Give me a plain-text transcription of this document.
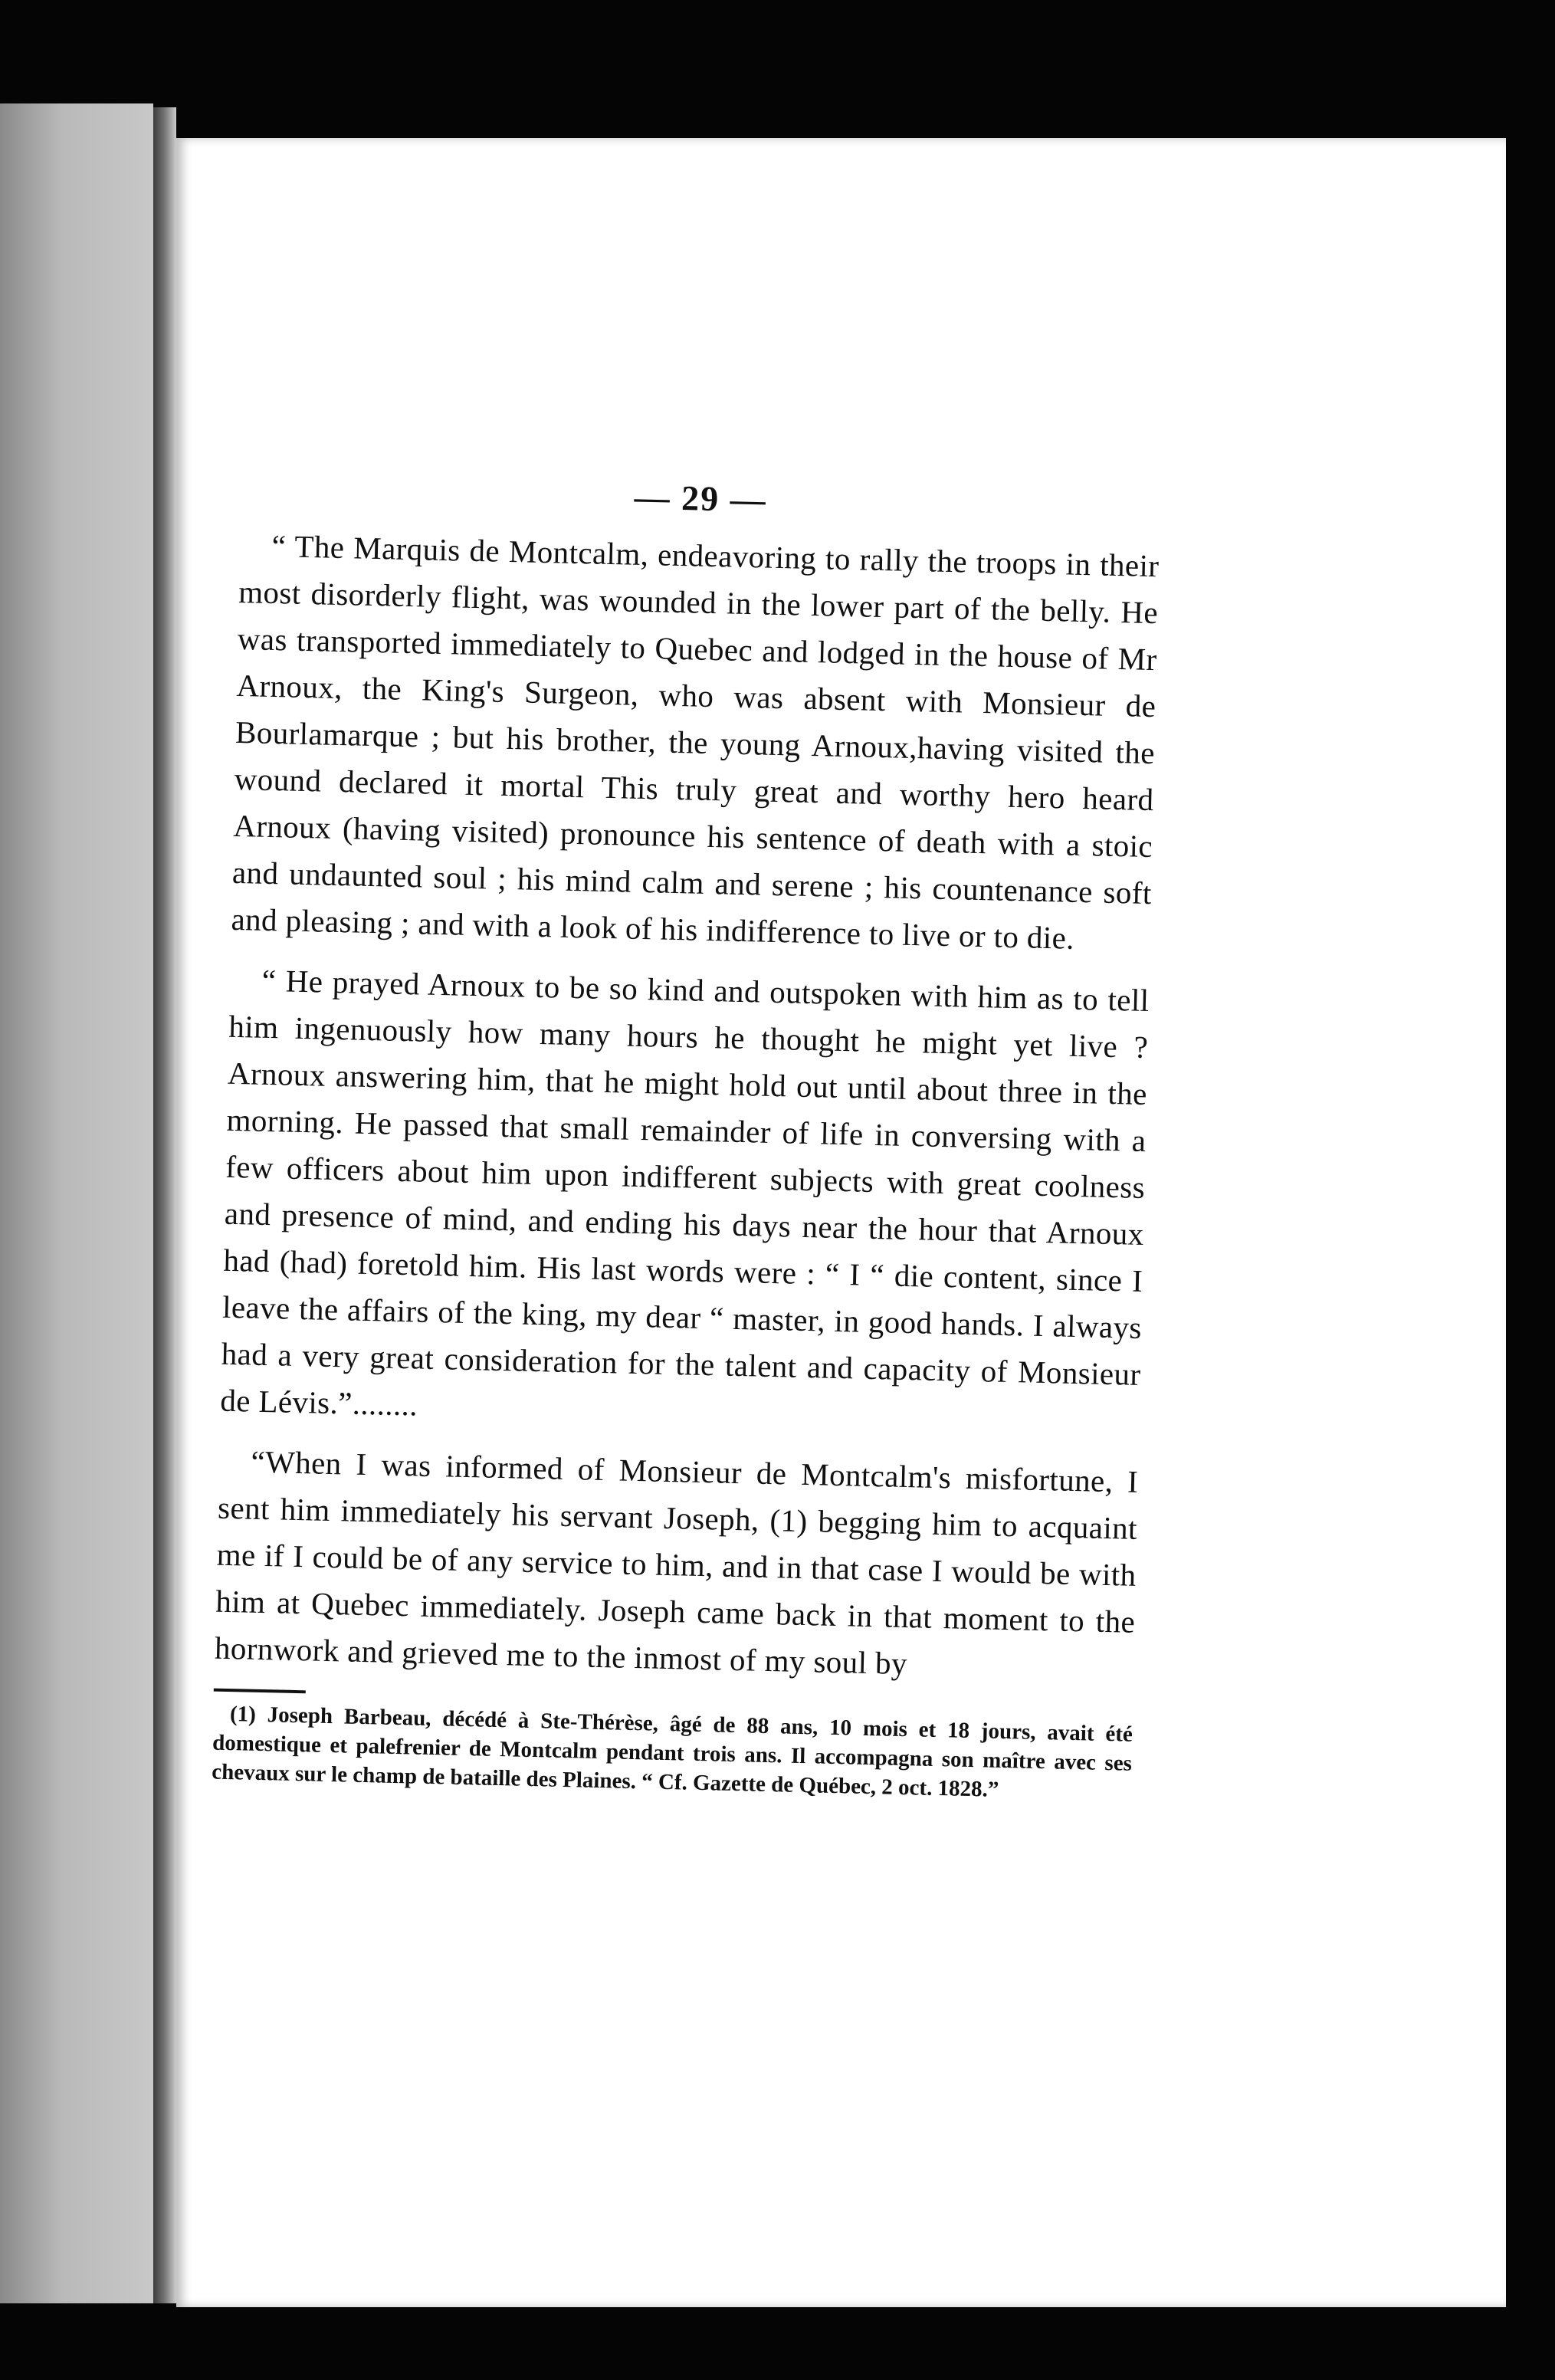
— 29 —

“ The Marquis de Montcalm, endeavoring to rally the troops in their most disorderly flight, was wounded in the lower part of the belly. He was transported immediately to Quebec and lodged in the house of Mr Arnoux, the King's Surgeon, who was absent with Monsieur de Bourlamarque ; but his brother, the young Arnoux,having visited the wound declared it mortal This truly great and worthy hero heard Arnoux (having visited) pronounce his sentence of death with a stoic and undaunted soul ; his mind calm and serene ; his countenance soft and pleasing ; and with a look of his indifference to live or to die.

“ He prayed Arnoux to be so kind and outspoken with him as to tell him ingenuously how many hours he thought he might yet live ? Arnoux answering him, that he might hold out until about three in the morning. He passed that small remainder of life in conversing with a few officers about him upon indifferent subjects with great coolness and presence of mind, and ending his days near the hour that Arnoux had (had) foretold him. His last words were : “ I “ die content, since I leave the affairs of the king, my dear “ master, in good hands. I always had a very great consideration for the talent and capacity of Monsieur de Lévis.”........

“When I was informed of Monsieur de Montcalm's misfortune, I sent him immediately his servant Joseph, (1) begging him to acquaint me if I could be of any service to him, and in that case I would be with him at Quebec immediately. Joseph came back in that moment to the hornwork and grieved me to the inmost of my soul by

(1) Joseph Barbeau, décédé à Ste-Thérèse, âgé de 88 ans, 10 mois et 18 jours, avait été domestique et palefrenier de Montcalm pendant trois ans. Il accompagna son maître avec ses chevaux sur le champ de bataille des Plaines. “ Cf. Gazette de Québec, 2 oct. 1828.”
